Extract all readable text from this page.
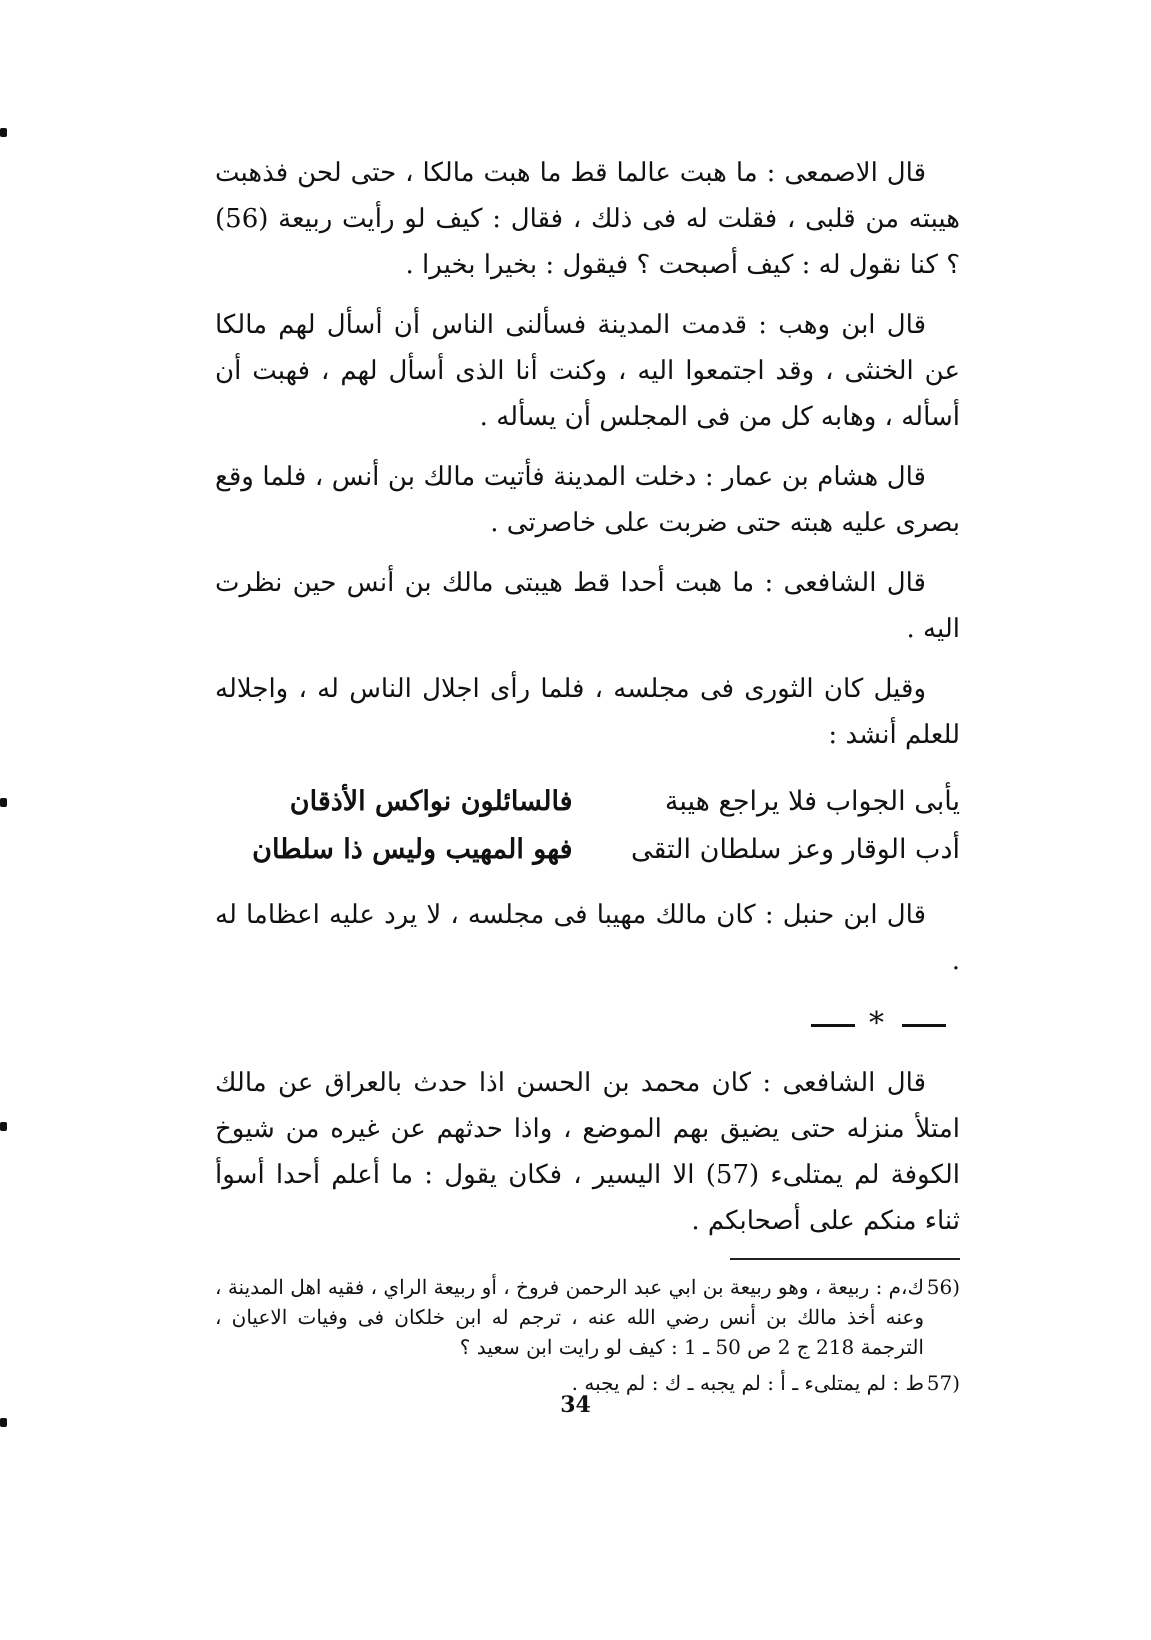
قال الاصمعى : ما هبت عالما قط ما هبت مالكا ، حتى لحن فذهبت هيبته من قلبى ، فقلت له فى ذلك ، فقال : كيف لو رأيت ربيعة (56) ؟ كنا نقول له : كيف أصبحت ؟ فيقول : بخيرا بخيرا .

قال ابن وهب : قدمت المدينة فسألنى الناس أن أسأل لهم مالكا عن الخنثى ، وقد اجتمعوا اليه ، وكنت أنا الذى أسأل لهم ، فهبت أن أسأله ، وهابه كل من فى المجلس أن يسأله .

قال هشام بن عمار : دخلت المدينة فأتيت مالك بن أنس ، فلما وقع بصرى عليه هبته حتى ضربت على خاصرتى .

قال الشافعى : ما هبت أحدا قط هيبتى مالك بن أنس حين نظرت اليه .

وقيل كان الثورى فى مجلسه ، فلما رأى اجلال الناس له ، واجلاله للعلم أنشد :

يأبى الجواب فلا يراجع هيبة
فالسائلون نواكس الأذقان
أدب الوقار وعز سلطان التقى
فهو المهيب وليس ذا سلطان

قال ابن حنبل : كان مالك مهيبا فى مجلسه ، لا يرد عليه اعظاما له .

*

قال الشافعى : كان محمد بن الحسن اذا حدث بالعراق عن مالك امتلأ منزله حتى يضيق بهم الموضع ، واذا حدثهم عن غيره من شيوخ الكوفة لم يمتلىء (57) الا اليسير ، فكان يقول : ما أعلم أحدا أسوأ ثناء منكم على أصحابكم .

(56
ك،م : ربيعة ، وهو ربيعة بن ابي عبد الرحمن فروخ ، أو ربيعة الراي ، فقيه اهل المدينة ، وعنه أخذ مالك بن أنس رضي الله عنه ، ترجم له ابن خلكان فى وفيات الاعيان ، الترجمة 218 ج 2 ص 50 ـ 1 : كيف لو رايت ابن سعيد ؟
(57
ط : لم يمتلىء ـ أ : لم يجبه ـ ك : لم يجبه .
34
